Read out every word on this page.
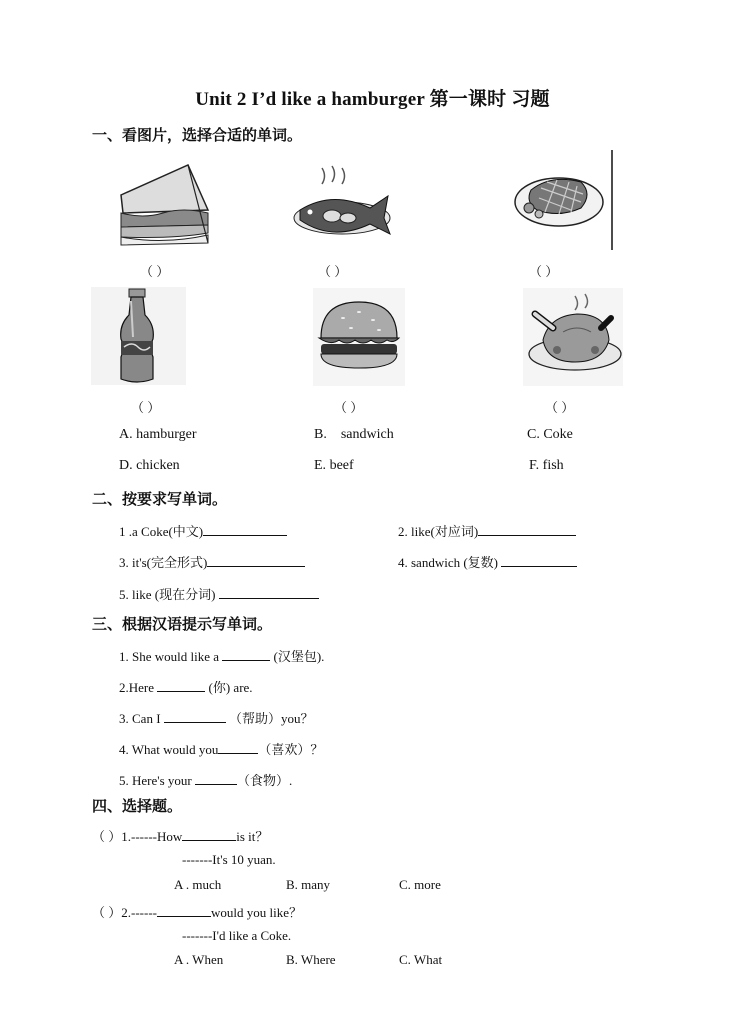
Unit 2 I’d like a hamburger 第一课时 习题
一、看图片，选择合适的单词。
（ ）	（ ）	（ ）
（ ）	（ ）	（ ）
A. hamburger	B. sandwich	C. Coke
D. chicken	E. beef	F. fish
二、按要求写单词。
1 .a Coke(中文)	2. like(对应词)
3. it's(完全形式)	4. sandwich (复数)
5. like (现在分词)
三、根据汉语提示写单词。
1. She would like a	(汉堡包).
2.Here	(你) are.
3. Can I	（帮助）you？
4. What would you	（喜欢）？
5. Here's your	（食物）.
四、选择题。
（ ）1.------How	is it？
-------It's 10 yuan.
A . much	B. many	C. more
（ ）2.------	would you like？
-------I'd like a Coke.
A . When	B. Where	C. What
